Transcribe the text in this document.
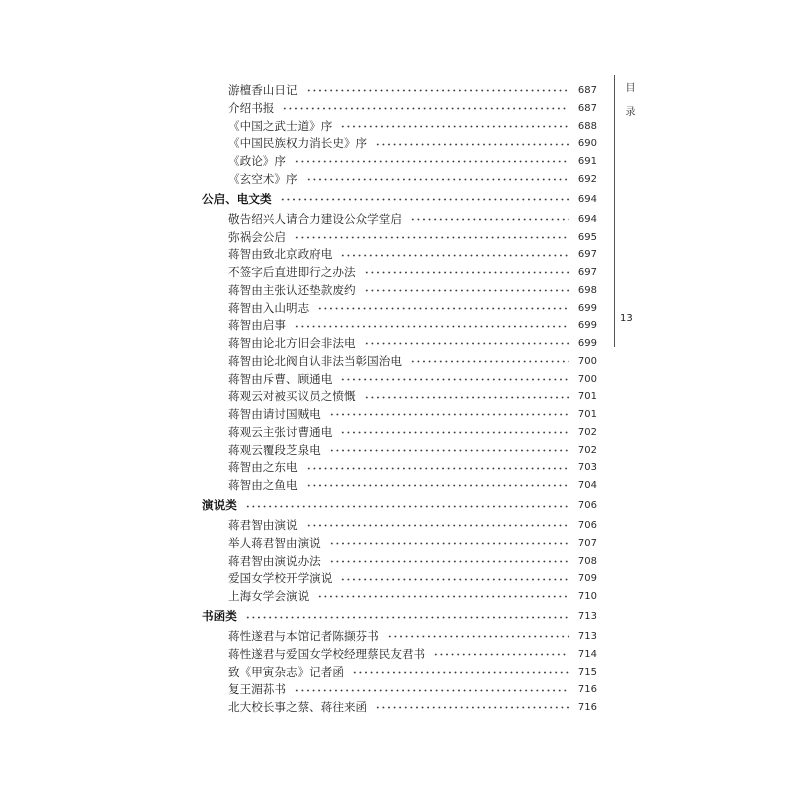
游檀香山日记	687
介绍书报	687
《中国之武士道》序	688
《中国民族权力消长史》序	690
《政论》序	691
《玄空术》序	692
公启、电文类	694
敬告绍兴人请合力建设公众学堂启	694
弥祸会公启	695
蒋智由致北京政府电	697
不签字后直进即行之办法	697
蒋智由主张认还垫款废约	698
蒋智由入山明志	699
蒋智由启事	699
蒋智由论北方旧会非法电	699
蒋智由论北阀自认非法当彰国治电	700
蒋智由斥曹、顾通电	700
蒋观云对被买议员之愤慨	701
蒋智由请讨国贼电	701
蒋观云主张讨曹通电	702
蒋观云覆段芝泉电	702
蒋智由之东电	703
蒋智由之鱼电	704
演说类	706
蒋君智由演说	706
举人蒋君智由演说	707
蒋君智由演说办法	708
爱国女学校开学演说	709
上海女学会演说	710
书函类	713
蒋性遂君与本馆记者陈撷芬书	713
蒋性遂君与爱国女学校经理蔡民友君书	714
致《甲寅杂志》记者函	715
复王湄荪书	716
北大校长事之蔡、蒋往来函	716
目录
13
